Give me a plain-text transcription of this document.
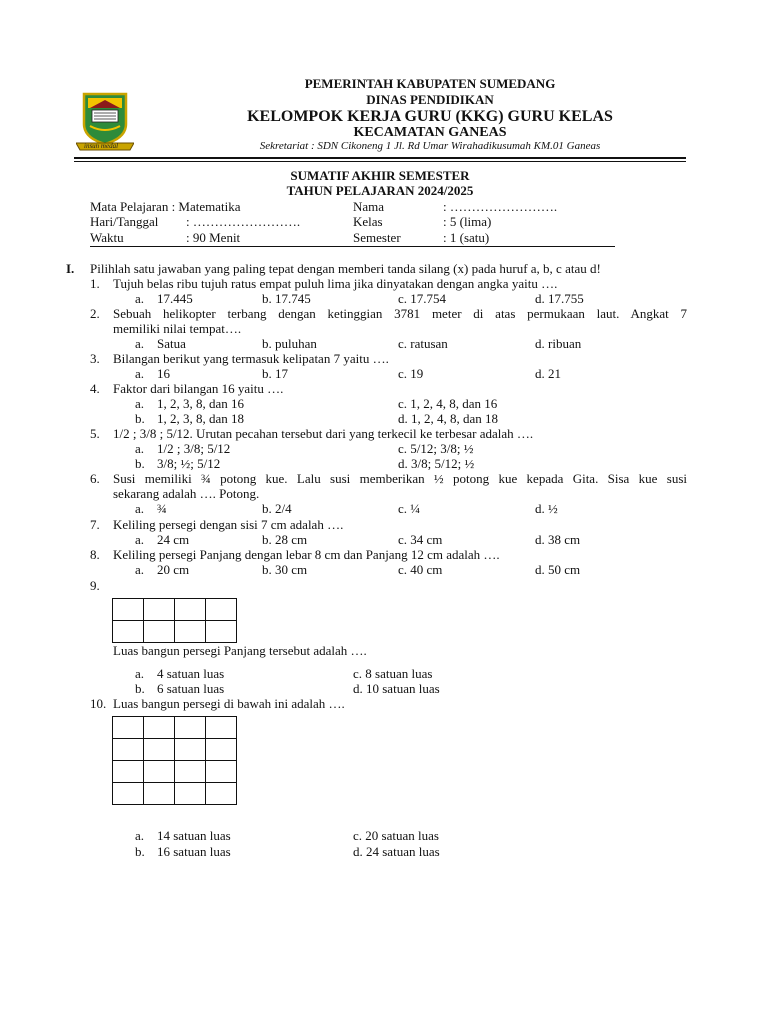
insun medal
PEMERINTAH KABUPATEN SUMEDANG
DINAS PENDIDIKAN
KELOMPOK KERJA GURU (KKG) GURU KELAS
KECAMATAN GANEAS
Sekretariat : SDN Cikoneng 1 Jl. Rd Umar Wirahadikusumah KM.01 Ganeas
SUMATIF AKHIR SEMESTER
TAHUN PELAJARAN 2024/2025
Mata Pelajaran : Matematika
Hari/Tanggal : …………………….
Waktu	: 90 Menit
Nama	: …………………….
Kelas	: 5 (lima)
Semester	: 1 (satu)
I. Pilihlah satu jawaban yang paling tepat dengan memberi tanda silang (x) pada huruf a, b, c atau d!
1. Tujuh belas ribu tujuh ratus empat puluh lima jika dinyatakan dengan angka yaitu ….
a. 17.445	b. 17.745	c. 17.754	d. 17.755
2. Sebuah helikopter terbang dengan ketinggian 3781 meter di atas permukaan laut. Angkat 7
memiliki nilai tempat….
a. Satua	b. puluhan	c. ratusan	d. ribuan
3. Bilangan berikut yang termasuk kelipatan 7 yaitu ….
a. 16	b. 17	c. 19	d. 21
4. Faktor dari bilangan 16 yaitu ….
a. 1, 2, 3, 8, dan 16	c. 1, 2, 4, 8, dan 16
b. 1, 2, 3, 8, dan 18	d. 1, 2, 4, 8, dan 18
5. 1/2 ; 3/8 ; 5/12. Urutan pecahan tersebut dari yang terkecil ke terbesar adalah ….
a. 1/2 ; 3/8; 5/12	c. 5/12; 3/8; ½
b. 3/8; ½; 5/12	d. 3/8; 5/12; ½
6. Susi memiliki ¾ potong kue. Lalu susi memberikan ½ potong kue kepada Gita. Sisa kue susi
sekarang adalah …. Potong.
a. ¾	b. 2/4	c. ¼	d. ½
7. Keliling persegi dengan sisi 7 cm adalah ….
a. 24 cm	b. 28 cm	c. 34 cm	d. 38 cm
8. Keliling persegi Panjang dengan lebar 8 cm dan Panjang 12 cm adalah ….
a. 20 cm	b. 30 cm	c. 40 cm	d. 50 cm
9.

Luas bangun persegi Panjang tersebut adalah ….
a. 4 satuan luas	c. 8 satuan luas
b. 6 satuan luas	d. 10 satuan luas
10. Luas bangun persegi di bawah ini adalah ….

a. 14 satuan luas	c. 20 satuan luas
b. 16 satuan luas	d. 24 satuan luas
